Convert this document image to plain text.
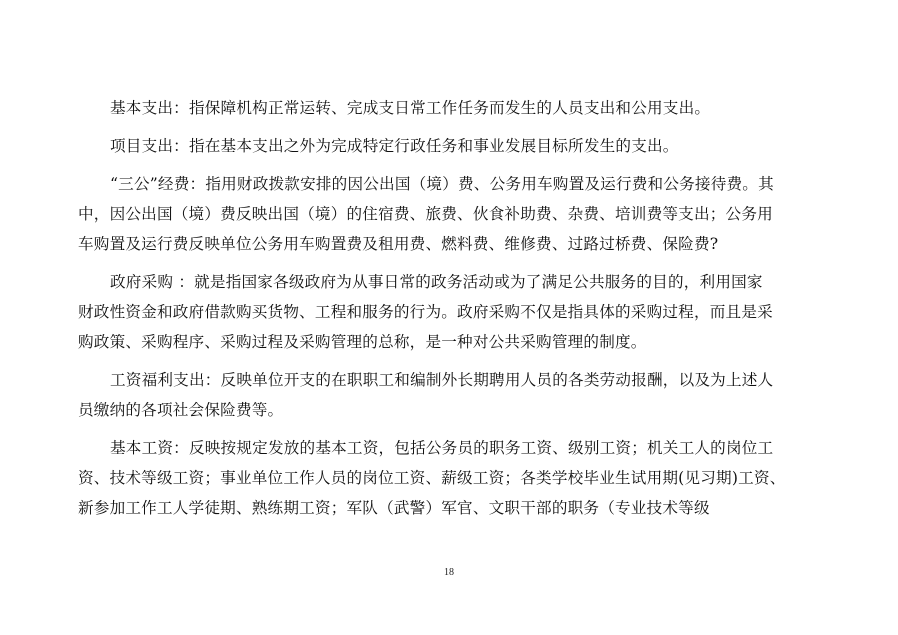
基本支出：指保障机构正常运转、完成支日常工作任务而发生的人员支出和公用支出。

项目支出：指在基本支出之外为完成特定行政任务和事业发展目标所发生的支出。

“三公”经费：指用财政拨款安排的因公出国（境）费、公务用车购置及运行费和公务接待费。其
中，因公出国（境）费反映出国（境）的住宿费、旅费、伙食补助费、杂费、培训费等支出；公务用
车购置及运行费反映单位公务用车购置费及租用费、燃料费、维修费、过路过桥费、保险费?

政府采购 ：就是指国家各级政府为从事日常的政务活动或为了满足公共服务的目的，利用国家
财政性资金和政府借款购买货物、工程和服务的行为。政府采购不仅是指具体的采购过程，而且是采
购政策、采购程序、采购过程及采购管理的总称，是一种对公共采购管理的制度。

工资福利支出：反映单位开支的在职职工和编制外长期聘用人员的各类劳动报酬，以及为上述人
员缴纳的各项社会保险费等。

基本工资：反映按规定发放的基本工资，包括公务员的职务工资、级别工资；机关工人的岗位工
资、技术等级工资；事业单位工作人员的岗位工资、薪级工资；各类学校毕业生试用期(见习期)工资、
新参加工作工人学徒期、熟练期工资；军队（武警）军官、文职干部的职务（专业技术等级

18
